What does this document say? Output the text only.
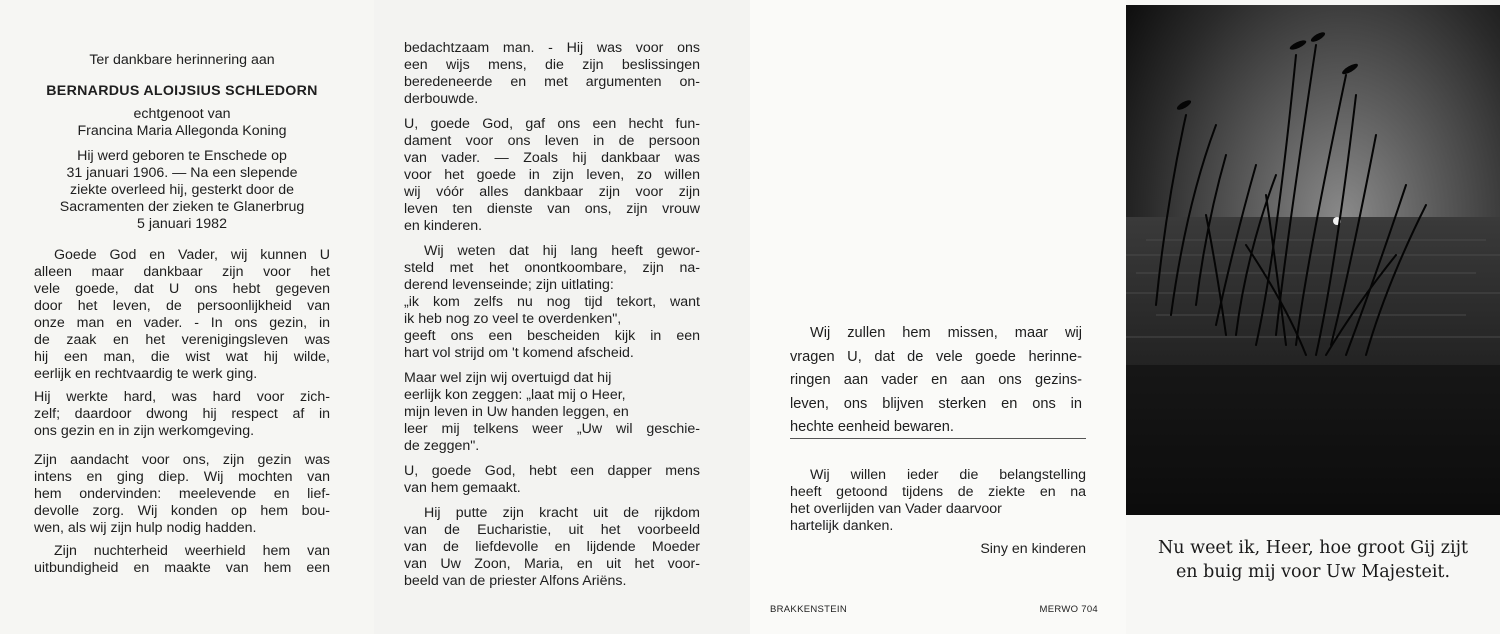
Ter dankbare herinnering aan

BERNARDUS ALOIJSIUS SCHLEDORN

echtgenoot van

Francina Maria Allegonda Koning

Hij werd geboren te Enschede op

31 januari 1906. — Na een slepende

ziekte overleed hij, gesterkt door de

Sacramenten der zieken te Glanerbrug

5 januari 1982

Goede God en Vader, wij kunnen U

alleen maar dankbaar zijn voor het

vele goede, dat U ons hebt gegeven

door het leven, de persoonlijkheid van

onze man en vader. - In ons gezin, in

de zaak en het verenigingsleven was

hij een man, die wist wat hij wilde,

eerlijk en rechtvaardig te werk ging.

Hij werkte hard, was hard voor zich-

zelf; daardoor dwong hij respect af in

ons gezin en in zijn werkomgeving.

Zijn aandacht voor ons, zijn gezin was

intens en ging diep. Wij mochten van

hem ondervinden: meelevende en lief-

devolle zorg. Wij konden op hem bou-

wen, als wij zijn hulp nodig hadden.

Zijn nuchterheid weerhield hem van

uitbundigheid en maakte van hem een

bedachtzaam man. - Hij was voor ons

een wijs mens, die zijn beslissingen

beredeneerde en met argumenten on-

derbouwde.

U, goede God, gaf ons een hecht fun-

dament voor ons leven in de persoon

van vader. — Zoals hij dankbaar was

voor het goede in zijn leven, zo willen

wij vóór alles dankbaar zijn voor zijn

leven ten dienste van ons, zijn vrouw

en kinderen.

Wij weten dat hij lang heeft gewor-

steld met het onontkoombare, zijn na-

derend levenseinde; zijn uitlating:

„ik kom zelfs nu nog tijd tekort, want

ik heb nog zo veel te overdenken",

geeft ons een bescheiden kijk in een

hart vol strijd om 't komend afscheid.

Maar wel zijn wij overtuigd dat hij

eerlijk kon zeggen: „laat mij o Heer,

mijn leven in Uw handen leggen, en

leer mij telkens weer „Uw wil geschie-

de zeggen".

U, goede God, hebt een dapper mens

van hem gemaakt.

Hij putte zijn kracht uit de rijkdom

van de Eucharistie, uit het voorbeeld

van de liefdevolle en lijdende Moeder

van Uw Zoon, Maria, en uit het voor-

beeld van de priester Alfons Ariëns.

Wij zullen hem missen, maar wij

vragen U, dat de vele goede herinne-

ringen aan vader en aan ons gezins-

leven, ons blijven sterken en ons in

hechte eenheid bewaren.

Wij willen ieder die belangstelling

heeft getoond tijdens de ziekte en na

het overlijden van Vader daarvoor

hartelijk danken.

Siny en kinderen

BRAKKENSTEIN	MERWO 704

Nu weet ik, Heer, hoe groot Gij zijt

en buig mij voor Uw Majesteit.
